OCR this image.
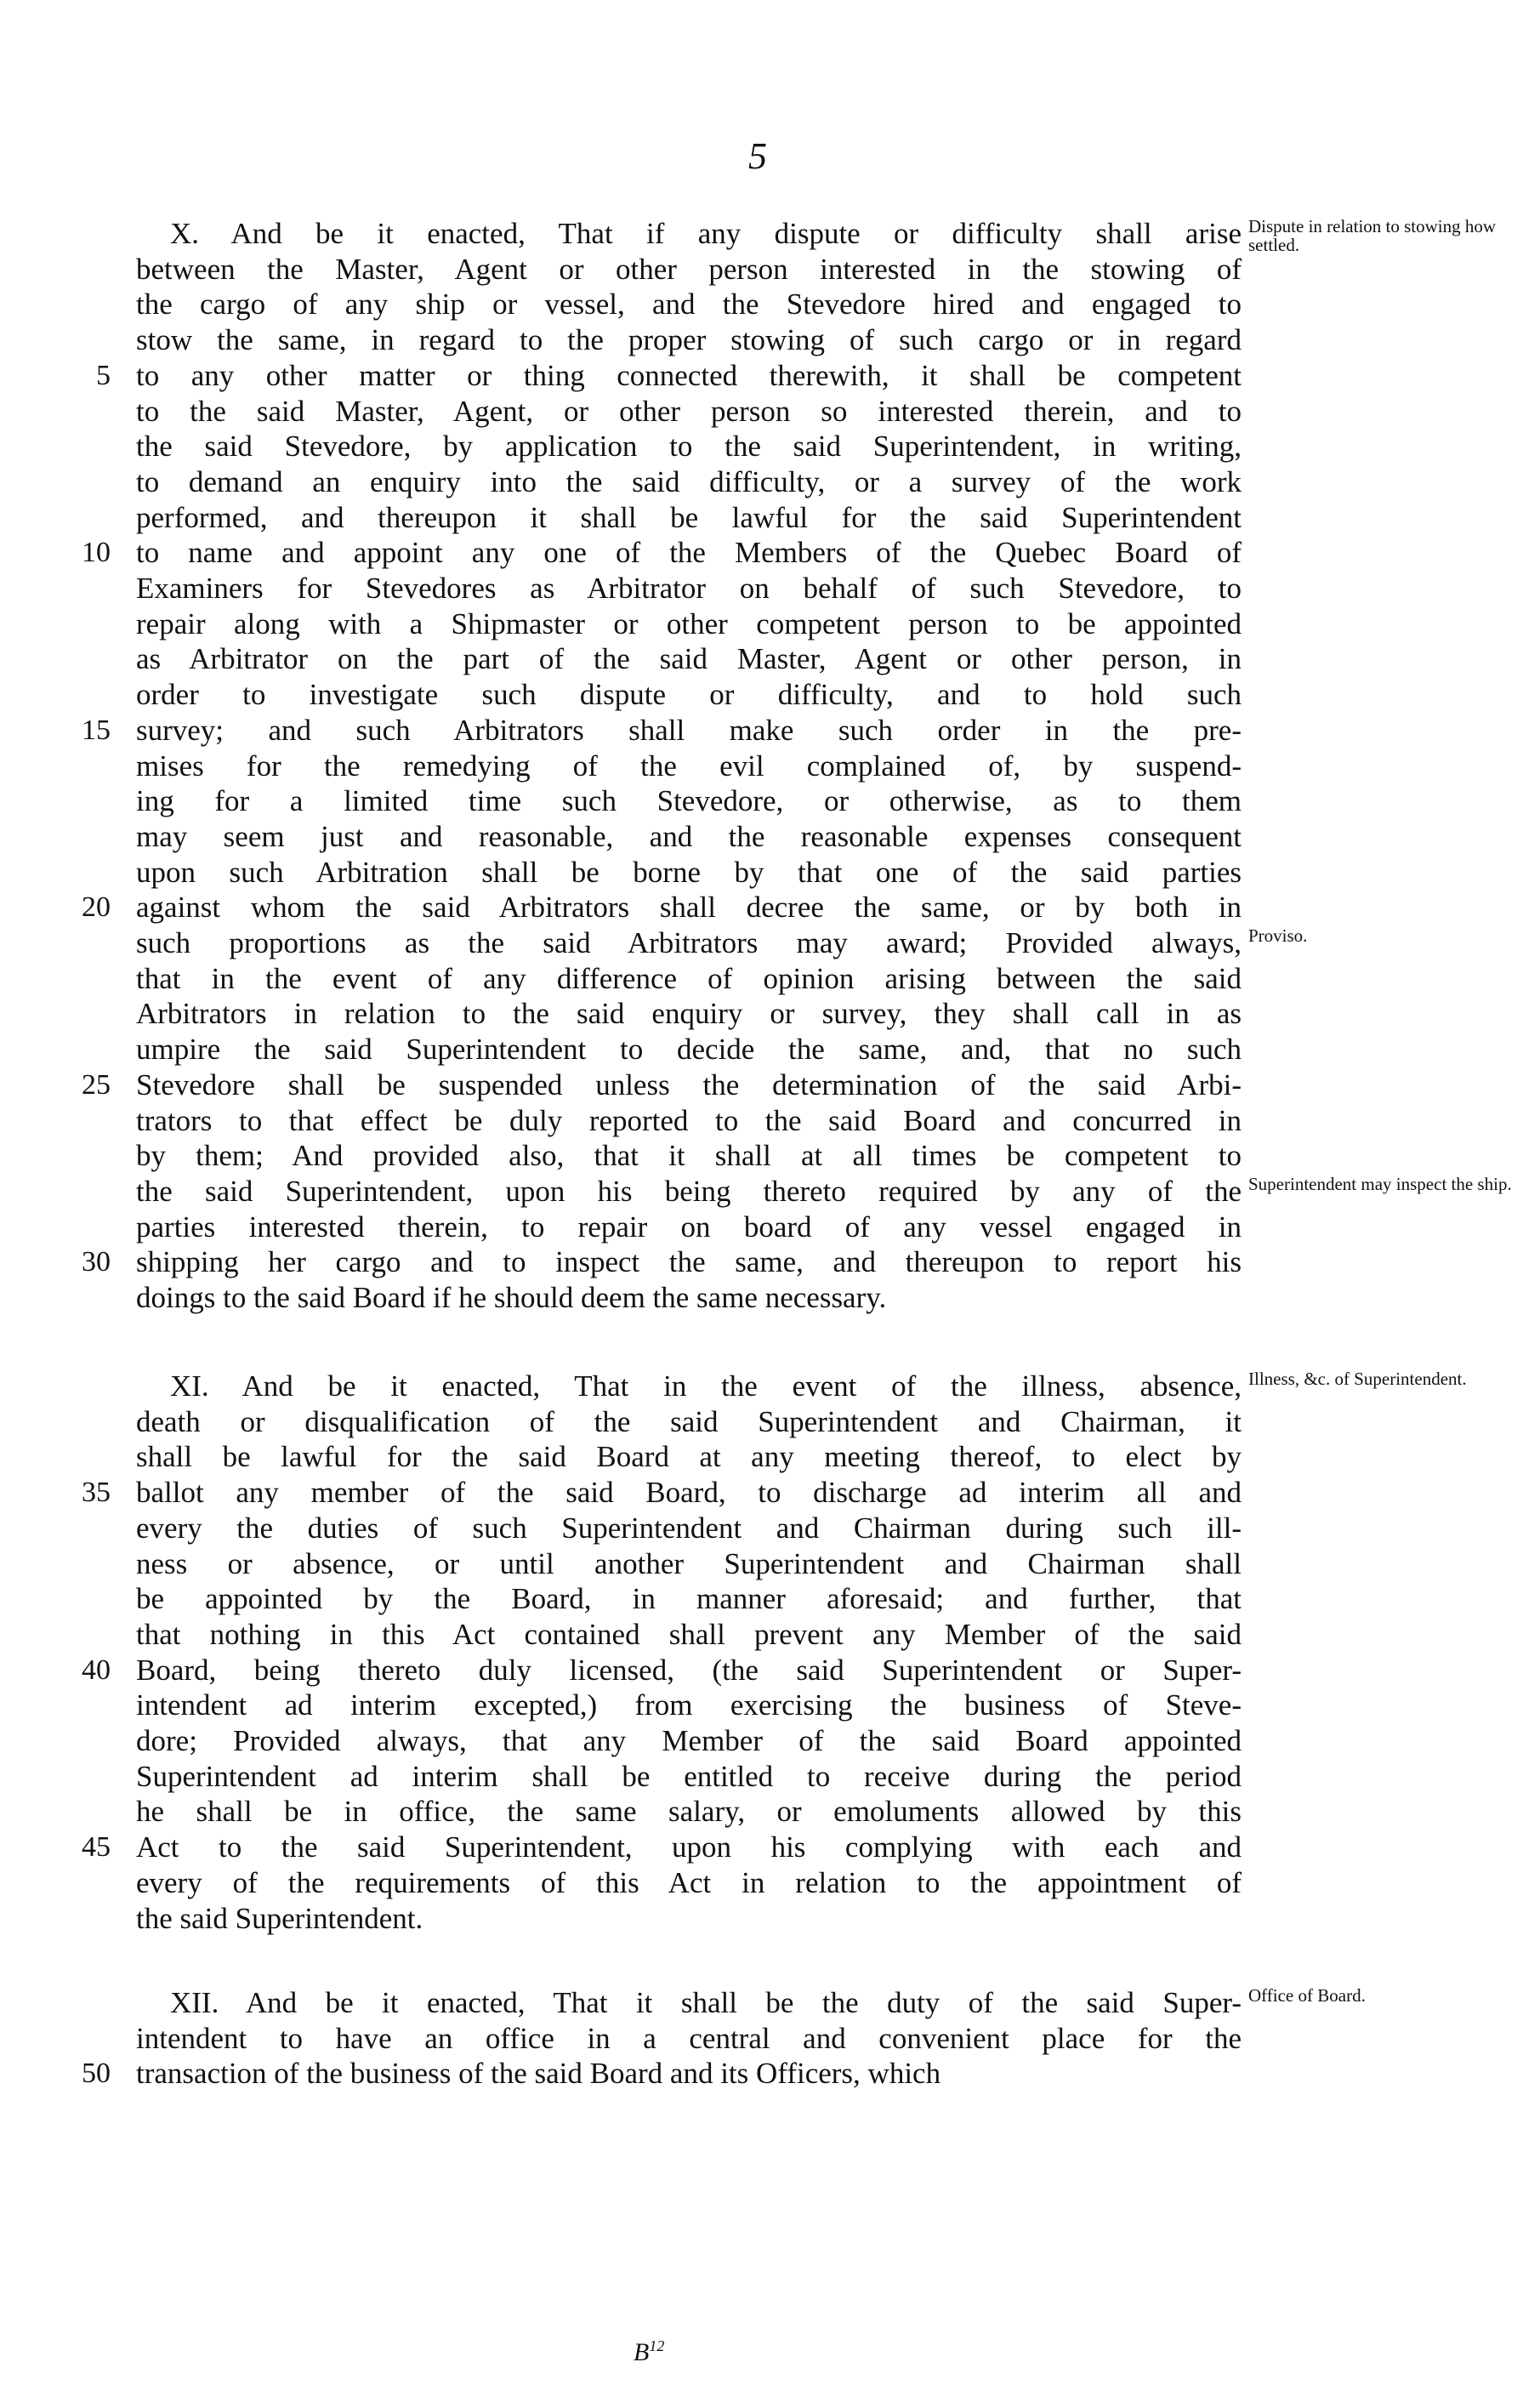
5
X. And be it enacted, That if any dispute or difficulty shall arise
between the Master, Agent or other person interested in the stowing of
the cargo of any ship or vessel, and the Stevedore hired and engaged to
stow the same, in regard to the proper stowing of such cargo or in regard
5 to any other matter or thing connected therewith, it shall be competent
to the said Master, Agent, or other person so interested therein, and to
the said Stevedore, by application to the said Superintendent, in writing,
to demand an enquiry into the said difficulty, or a survey of the work
performed, and thereupon it shall be lawful for the said Superintendent
10 to name and appoint any one of the Members of the Quebec Board of
Examiners for Stevedores as Arbitrator on behalf of such Stevedore, to
repair along with a Shipmaster or other competent person to be appointed
as Arbitrator on the part of the said Master, Agent or other person, in
order to investigate such dispute or difficulty, and to hold such
15 survey; and such Arbitrators shall make such order in the pre-
mises for the remedying of the evil complained of, by suspend-
ing for a limited time such Stevedore, or otherwise, as to them
may seem just and reasonable, and the reasonable expenses consequent
upon such Arbitration shall be borne by that one of the said parties
20 against whom the said Arbitrators shall decree the same, or by both in
such proportions as the said Arbitrators may award; Provided always,
that in the event of any difference of opinion arising between the said
Arbitrators in relation to the said enquiry or survey, they shall call in as
umpire the said Superintendent to decide the same, and, that no such
25 Stevedore shall be suspended unless the determination of the said Arbi-
trators to that effect be duly reported to the said Board and concurred in
by them; And provided also, that it shall at all times be competent to
the said Superintendent, upon his being thereto required by any of the
parties interested therein, to repair on board of any vessel engaged in
30 shipping her cargo and to inspect the same, and thereupon to report his
doings to the said Board if he should deem the same necessary.
Dispute in relation to stowing how settled.
Proviso.
Superintendent may inspect the ship.
XI. And be it enacted, That in the event of the illness, absence,
death or disqualification of the said Superintendent and Chairman, it
shall be lawful for the said Board at any meeting thereof, to elect by
35 ballot any member of the said Board, to discharge ad interim all and
every the duties of such Superintendent and Chairman during such ill-
ness or absence, or until another Superintendent and Chairman shall
be appointed by the Board, in manner aforesaid; and further, that
that nothing in this Act contained shall prevent any Member of the said
40 Board, being thereto duly licensed, (the said Superintendent or Super-
intendent ad interim excepted,) from exercising the business of Steve-
dore; Provided always, that any Member of the said Board appointed
Superintendent ad interim shall be entitled to receive during the period
he shall be in office, the same salary, or emoluments allowed by this
45 Act to the said Superintendent, upon his complying with each and
every of the requirements of this Act in relation to the appointment of
the said Superintendent.
Illness, &c. of Superintendent.
XII. And be it enacted, That it shall be the duty of the said Super-
intendent to have an office in a central and convenient place for the
50 transaction of the business of the said Board and its Officers, which
Office of Board.
$B^{12}$
